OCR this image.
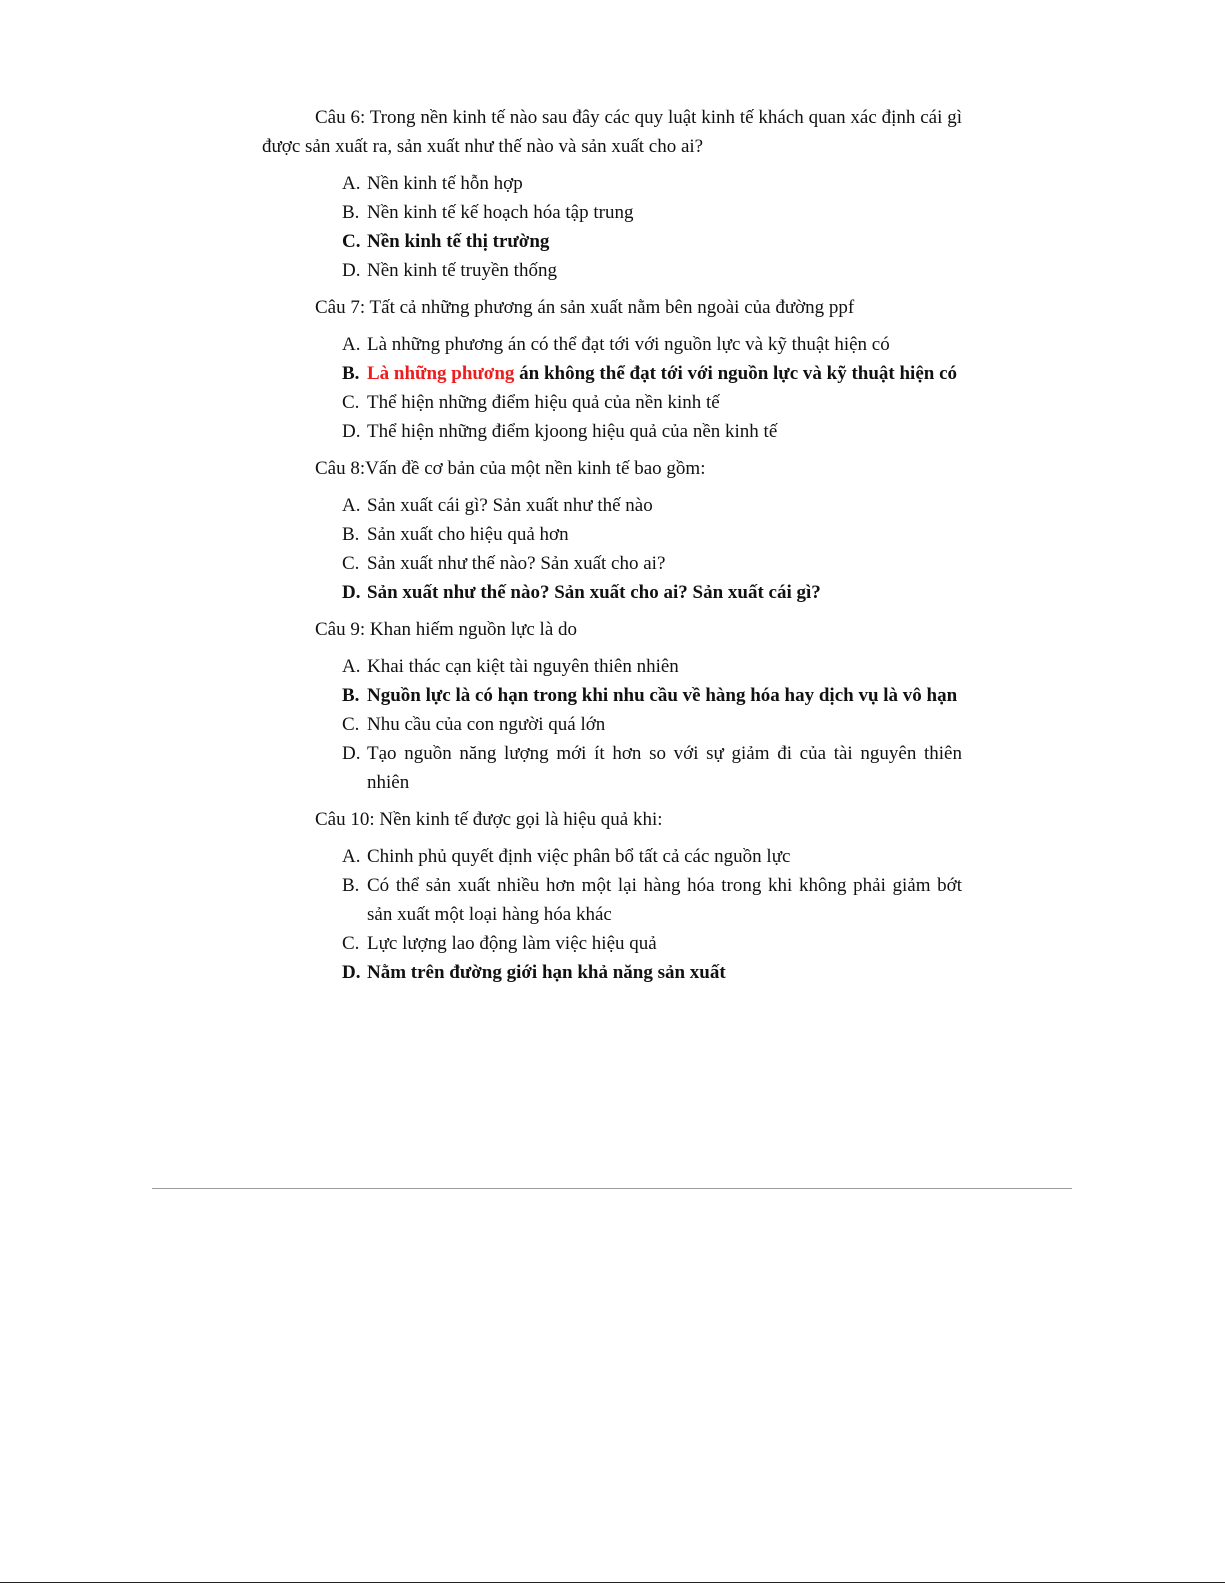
Câu 6: Trong nền kinh tế nào sau đây các quy luật kinh tế khách quan xác định cái gì được sản xuất ra, sản xuất như thế nào và sản xuất cho ai?

A. Nền kinh tế hỗn hợp
B. Nền kinh tế kế hoạch hóa tập trung
C. Nền kinh tế thị trường
D. Nền kinh tế truyền thống

Câu 7: Tất cả những phương án sản xuất nằm bên ngoài của đường ppf

A. Là những phương án có thể đạt tới với nguồn lực và kỹ thuật hiện có
B. Là những phương án không thể đạt tới với nguồn lực và kỹ thuật hiện có
C. Thể hiện những điểm hiệu quả của nền kinh tế
D. Thể hiện những điểm kjoong hiệu quả của nền kinh tế

Câu 8:Vấn đề cơ bản của một nền kinh tế bao gồm:

A. Sản xuất cái gì? Sản xuất như thế nào
B. Sản xuất cho hiệu quả hơn
C. Sản xuất như thế nào? Sản xuất cho ai?
D. Sản xuất như thế nào? Sản xuất cho ai? Sản xuất cái gì?

Câu 9: Khan hiếm nguồn lực là do

A. Khai thác cạn kiệt tài nguyên thiên nhiên
B. Nguồn lực là có hạn trong khi nhu cầu về hàng hóa hay dịch vụ là vô hạn
C. Nhu cầu của con người quá lớn
D. Tạo nguồn năng lượng mới ít hơn so với sự giảm đi của tài nguyên thiên nhiên

Câu 10: Nền kinh tế được gọi là hiệu quả khi:

A. Chinh phủ quyết định việc phân bổ tất cả các nguồn lực
B. Có thể sản xuất nhiều hơn một lại hàng hóa trong khi không phải giảm bớt sản xuất một loại hàng hóa khác
C. Lực lượng lao động làm việc hiệu quả
D. Nằm trên đường giới hạn khả năng sản xuất
